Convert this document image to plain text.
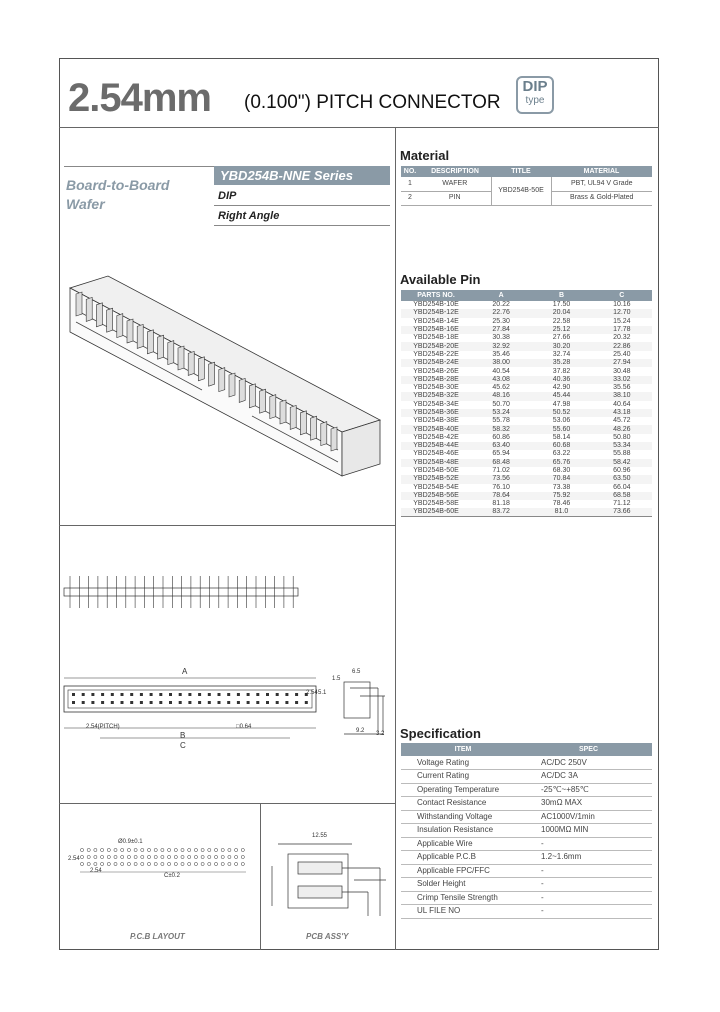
2.54mm (0.100") PITCH CONNECTOR
DIP
type
Board-to-Board
Wafer
YBD254B-NNE Series
DIP
Right Angle
A
B
C
2.54(PITCH)	□0.64
6.5
1.5
2.54 5.1
9.2 3.2
Ø0.9±0.1
2.54
2.54
C±0.2
P.C.B LAYOUT
12.55
PCB ASS'Y
Material
NO.	DESCRIPTION	TITLE	MATERIAL
1	WAFER	YBD254B-50E	PBT, UL94 V Grade
2	PIN		Brass & Gold-Plated
Available Pin
PARTS NO.	A	B	C
YBD254B-10E	20.22	17.50	10.16
YBD254B-12E	22.76	20.04	12.70
YBD254B-14E	25.30	22.58	15.24
YBD254B-16E	27.84	25.12	17.78
YBD254B-18E	30.38	27.66	20.32
YBD254B-20E	32.92	30.20	22.86
YBD254B-22E	35.46	32.74	25.40
YBD254B-24E	38.00	35.28	27.94
YBD254B-26E	40.54	37.82	30.48
YBD254B-28E	43.08	40.36	33.02
YBD254B-30E	45.62	42.90	35.56
YBD254B-32E	48.16	45.44	38.10
YBD254B-34E	50.70	47.98	40.64
YBD254B-36E	53.24	50.52	43.18
YBD254B-38E	55.78	53.06	45.72
YBD254B-40E	58.32	55.60	48.26
YBD254B-42E	60.86	58.14	50.80
YBD254B-44E	63.40	60.68	53.34
YBD254B-46E	65.94	63.22	55.88
YBD254B-48E	68.48	65.76	58.42
YBD254B-50E	71.02	68.30	60.96
YBD254B-52E	73.56	70.84	63.50
YBD254B-54E	76.10	73.38	66.04
YBD254B-56E	78.64	75.92	68.58
YBD254B-58E	81.18	78.46	71.12
YBD254B-60E	83.72	81.0	73.66
Specification
ITEM	SPEC
Voltage Rating	AC/DC 250V
Current Rating	AC/DC 3A
Operating Temperature	-25℃~+85℃
Contact Resistance	30mΩ MAX
Withstanding Voltage	AC1000V/1min
Insulation Resistance	1000MΩ MIN
Applicable Wire	-
Applicable P.C.B	1.2~1.6mm
Applicable FPC/FFC	-
Solder Height	-
Crimp Tensile Strength	-
UL FILE NO	-
